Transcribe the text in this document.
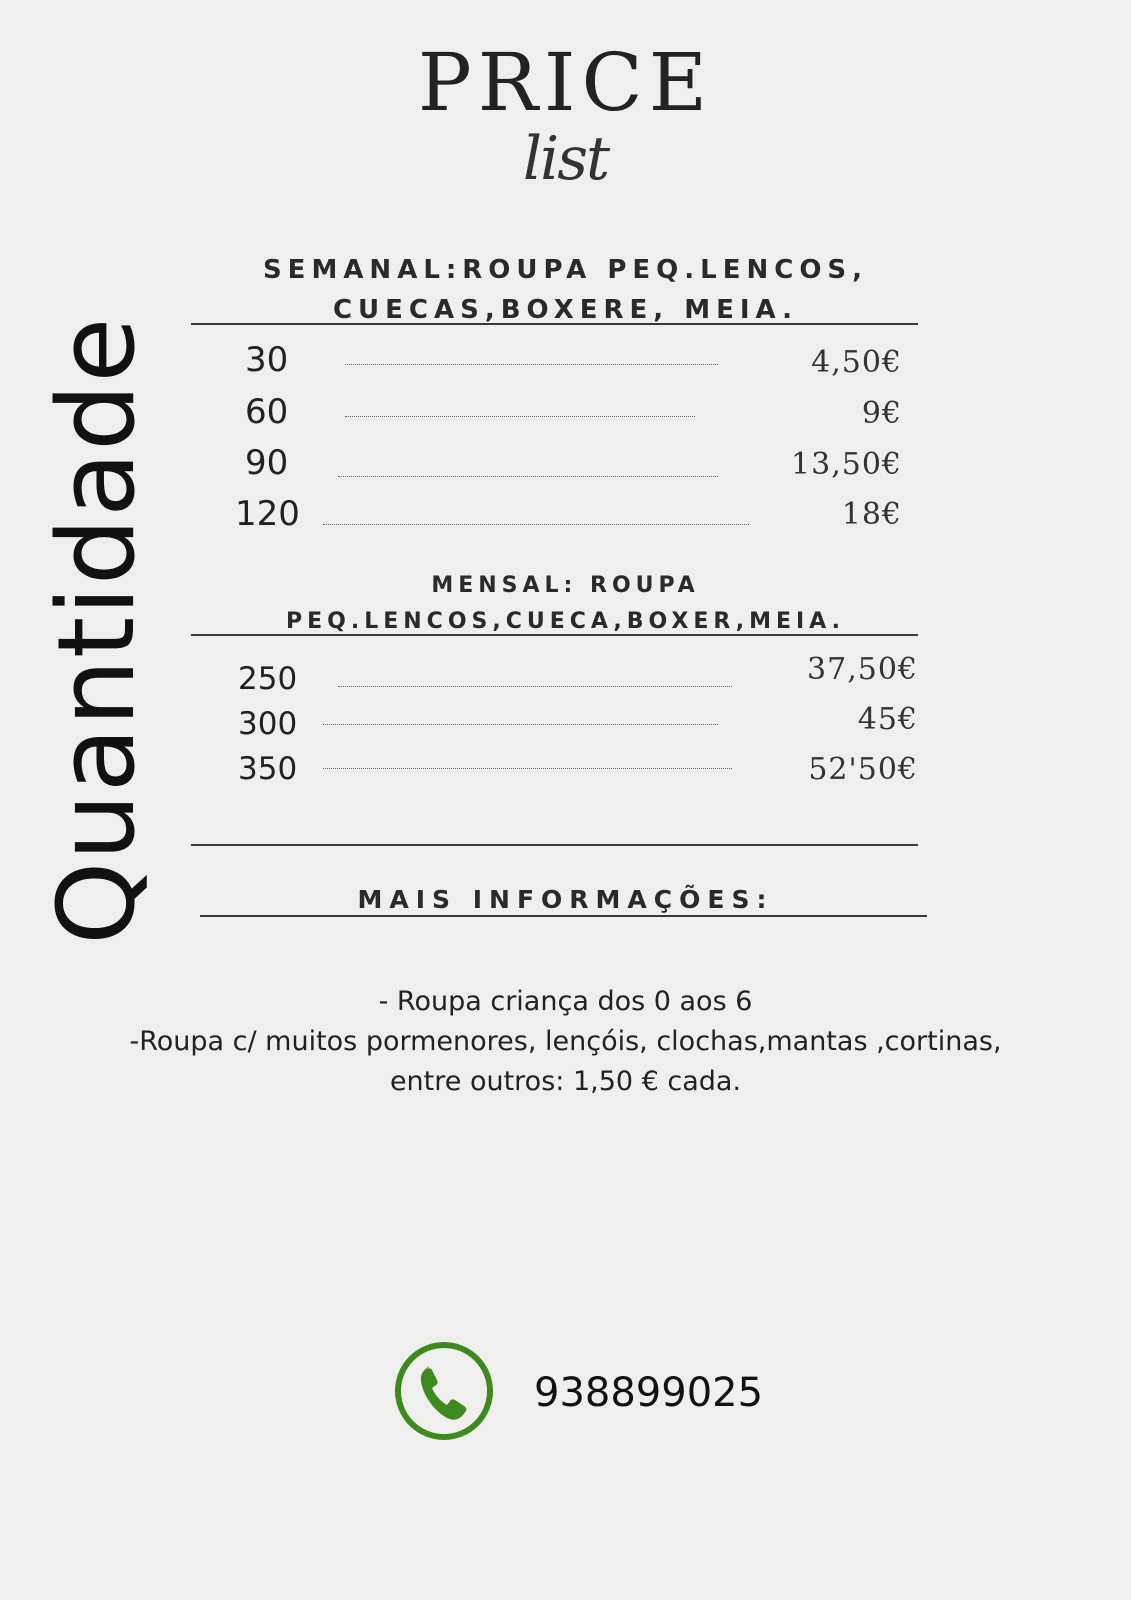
PRICE
list
Quantidade
SEMANAL:ROUPA PEQ.LENCOS,
CUECAS,BOXERE, MEIA.
30	4,50€
60	9€
90	13,50€
120	18€
MENSAL: ROUPA
PEQ.LENCOS,CUECA,BOXER,MEIA.
250	37,50€
300	45€
350	52'50€
MAIS INFORMAÇÕES:
- Roupa criança dos 0 aos 6
-Roupa c/ muitos pormenores, lençóis, clochas,mantas ,cortinas,
entre outros: 1,50 € cada.
938899025
